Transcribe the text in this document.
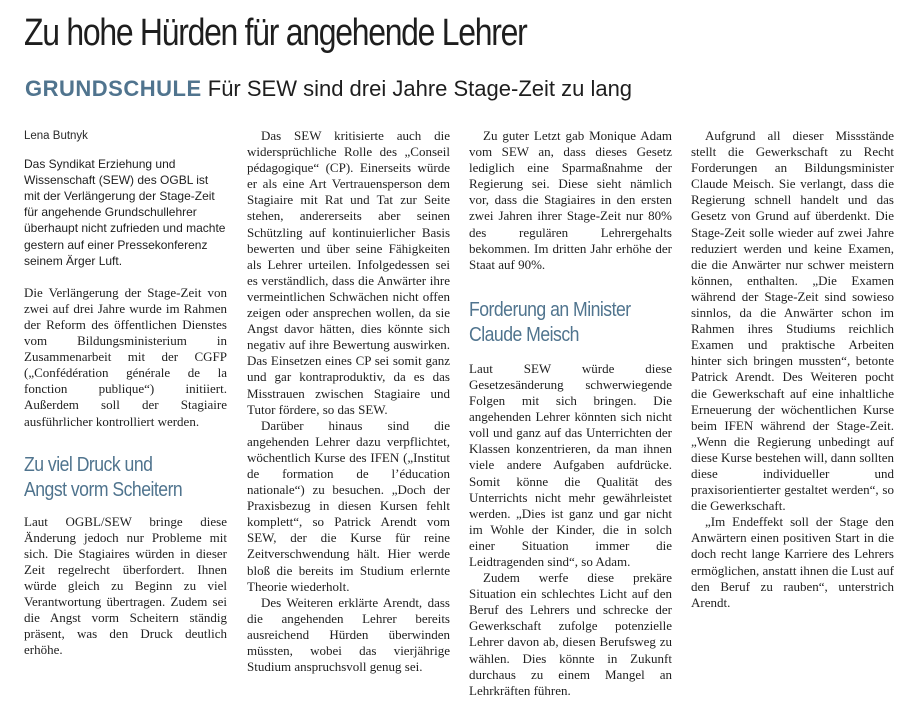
Zu hohe Hürden für angehende Lehrer
GRUNDSCHULE Für SEW sind drei Jahre Stage-Zeit zu lang
Lena Butnyk

Das Syndikat Erziehung und Wissenschaft (SEW) des OGBL ist mit der Verlängerung der Stage-Zeit für angehende Grundschullehrer überhaupt nicht zufrieden und machte gestern auf einer Pressekonferenz seinem Ärger Luft.

Die Verlängerung der Stage-Zeit von zwei auf drei Jahre wurde im Rahmen der Reform des öffentlichen Dienstes vom Bildungsministerium in Zusammenarbeit mit der CGFP („Confédération générale de la fonction publique“) initiiert. Außerdem soll der Stagiaire ausführlicher kontrolliert werden.

Zu viel Druck und
Angst vorm Scheitern

Laut OGBL/SEW bringe diese Änderung jedoch nur Probleme mit sich. Die Stagiaires würden in dieser Zeit regelrecht überfordert. Ihnen würde gleich zu Beginn zu viel Verantwortung übertragen. Zudem sei die Angst vorm Scheitern ständig präsent, was den Druck deutlich erhöhe.

Das SEW kritisierte auch die widersprüchliche Rolle des „Conseil pédagogique“ (CP). Einerseits würde er als eine Art Vertrauensperson dem Stagiaire mit Rat und Tat zur Seite stehen, andererseits aber seinen Schützling auf kontinuierlicher Basis bewerten und über seine Fähigkeiten als Lehrer urteilen. Infolgedessen sei es verständlich, dass die Anwärter ihre vermeintlichen Schwächen nicht offen zeigen oder ansprechen wollen, da sie Angst davor hätten, dies könnte sich negativ auf ihre Bewertung auswirken. Das Einsetzen eines CP sei somit ganz und gar kontraproduktiv, da es das Misstrauen zwischen Stagiaire und Tutor fördere, so das SEW.

Darüber hinaus sind die angehenden Lehrer dazu verpflichtet, wöchentlich Kurse des IFEN („Institut de formation de l’éducation nationale“) zu besuchen. „Doch der Praxisbezug in diesen Kursen fehlt komplett“, so Patrick Arendt vom SEW, der die Kurse für reine Zeitverschwendung hält. Hier werde bloß die bereits im Studium erlernte Theorie wiederholt.

Des Weiteren erklärte Arendt, dass die angehenden Lehrer bereits ausreichend Hürden überwinden müssten, wobei das vierjährige Studium anspruchsvoll genug sei.

Zu guter Letzt gab Monique Adam vom SEW an, dass dieses Gesetz lediglich eine Sparmaßnahme der Regierung sei. Diese sieht nämlich vor, dass die Stagiaires in den ersten zwei Jahren ihrer Stage-Zeit nur 80% des regulären Lehrergehalts bekommen. Im dritten Jahr erhöhe der Staat auf 90%.

Forderung an Minister
Claude Meisch

Laut SEW würde diese Gesetzesänderung schwerwiegende Folgen mit sich bringen. Die angehenden Lehrer könnten sich nicht voll und ganz auf das Unterrichten der Klassen konzentrieren, da man ihnen viele andere Aufgaben aufdrücke. Somit könne die Qualität des Unterrichts nicht mehr gewährleistet werden. „Dies ist ganz und gar nicht im Wohle der Kinder, die in solch einer Situation immer die Leidtragenden sind“, so Adam.

Zudem werfe diese prekäre Situation ein schlechtes Licht auf den Beruf des Lehrers und schrecke der Gewerkschaft zufolge potenzielle Lehrer davon ab, diesen Berufsweg zu wählen. Dies könnte in Zukunft durchaus zu einem Mangel an Lehrkräften führen.

Aufgrund all dieser Missstände stellt die Gewerkschaft zu Recht Forderungen an Bildungsminister Claude Meisch. Sie verlangt, dass die Regierung schnell handelt und das Gesetz von Grund auf überdenkt. Die Stage-Zeit solle wieder auf zwei Jahre reduziert werden und keine Examen, die die Anwärter nur schwer meistern können, enthalten. „Die Examen während der Stage-Zeit sind sowieso sinnlos, da die Anwärter schon im Rahmen ihres Studiums reichlich Examen und praktische Arbeiten hinter sich bringen mussten“, betonte Patrick Arendt. Des Weiteren pocht die Gewerkschaft auf eine inhaltliche Erneuerung der wöchentlichen Kurse beim IFEN während der Stage-Zeit. „Wenn die Regierung unbedingt auf diese Kurse bestehen will, dann sollten diese individueller und praxisorientierter gestaltet werden“, so die Gewerkschaft.

„Im Endeffekt soll der Stage den Anwärtern einen positiven Start in die doch recht lange Karriere des Lehrers ermöglichen, anstatt ihnen die Lust auf den Beruf zu rauben“, unterstrich Arendt.
